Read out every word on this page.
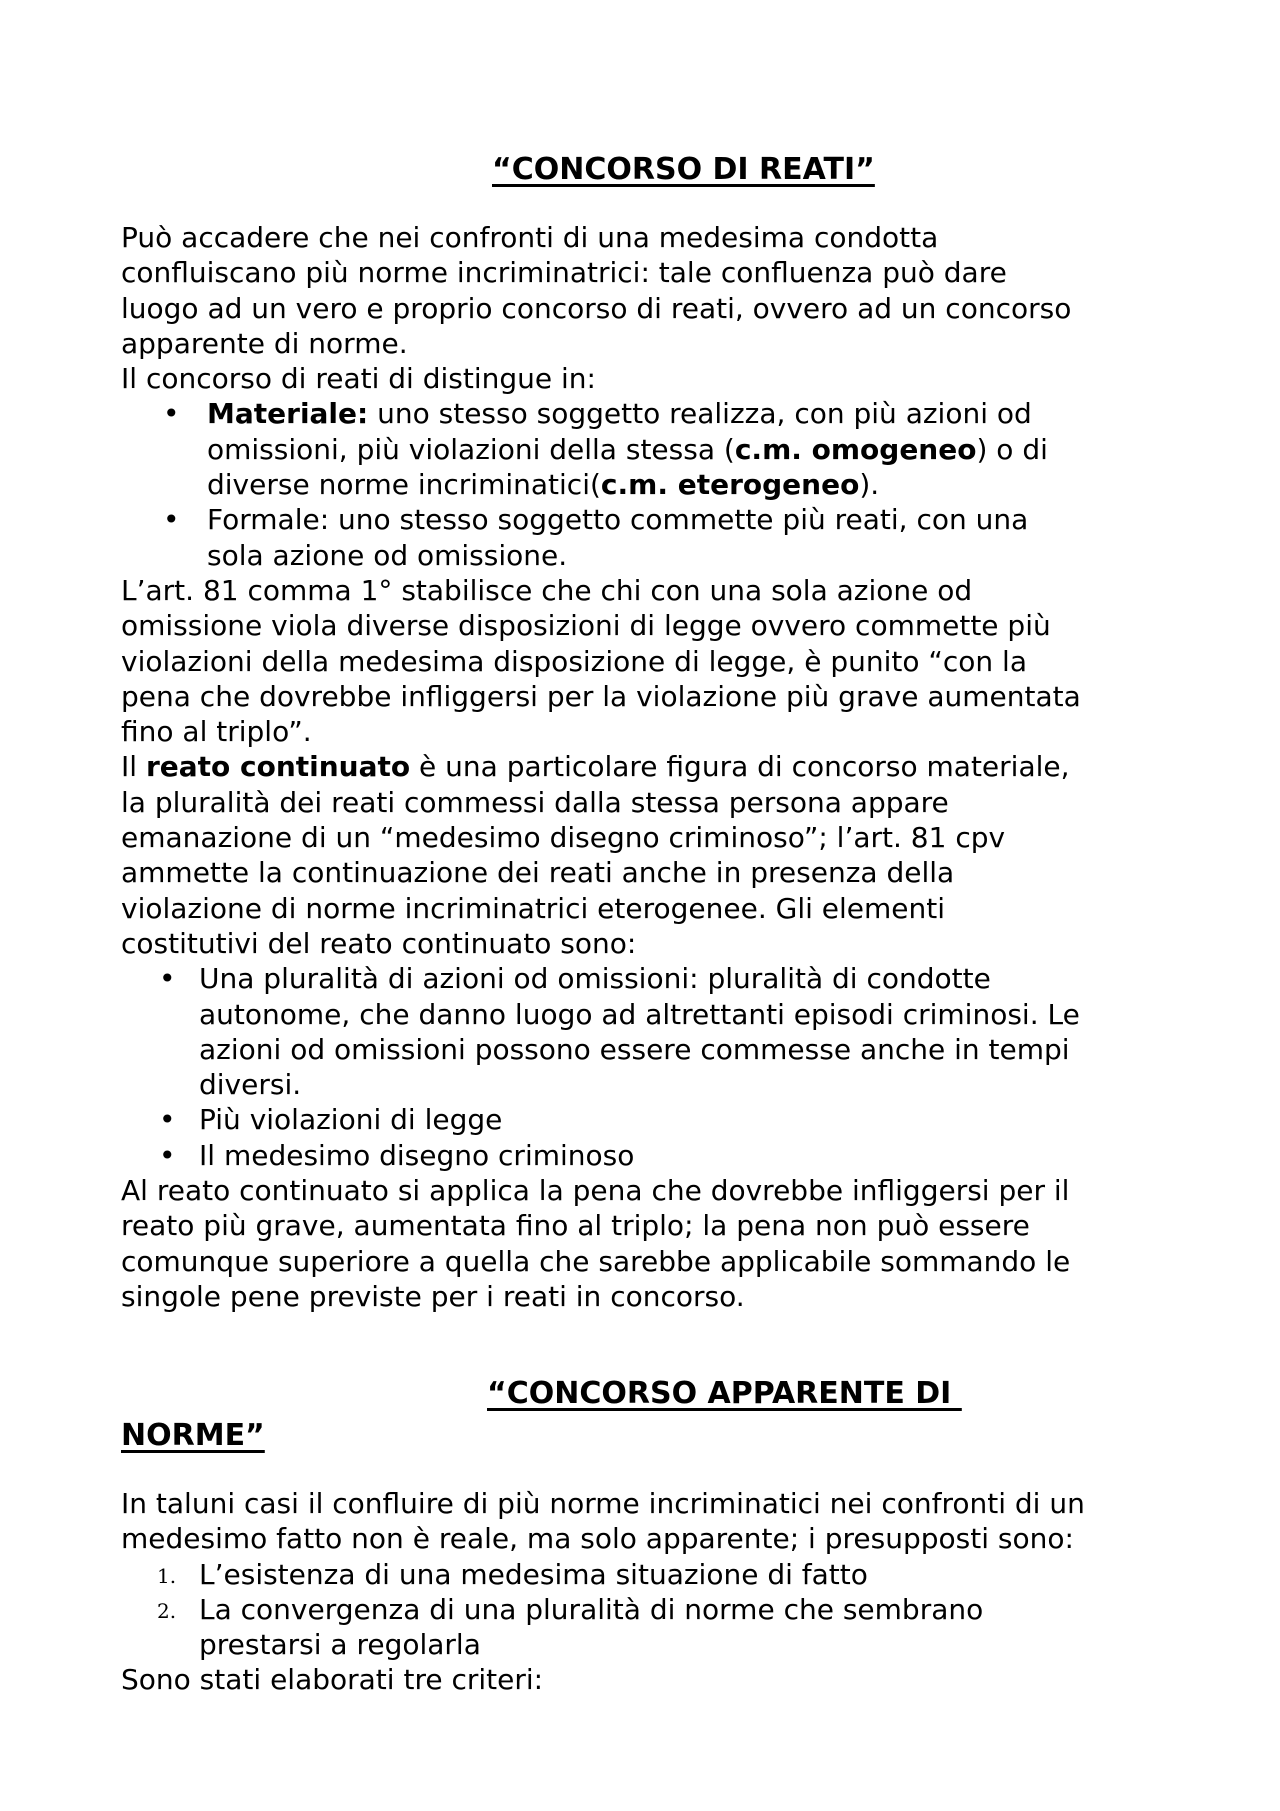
“CONCORSO DI REATI”
Può accadere che nei confronti di una medesima condotta
confluiscano più norme incriminatrici: tale confluenza può dare
luogo ad un vero e proprio concorso di reati, ovvero ad un concorso
apparente di norme.
Il concorso di reati di distingue in:
• Materiale: uno stesso soggetto realizza, con più azioni od
omissioni, più violazioni della stessa (c.m. omogeneo) o di
diverse norme incriminatici(c.m. eterogeneo).
• Formale: uno stesso soggetto commette più reati, con una
sola azione od omissione.
L’art. 81 comma 1° stabilisce che chi con una sola azione od
omissione viola diverse disposizioni di legge ovvero commette più
violazioni della medesima disposizione di legge, è punito “con la
pena che dovrebbe infliggersi per la violazione più grave aumentata
fino al triplo”.
Il reato continuato è una particolare figura di concorso materiale,
la pluralità dei reati commessi dalla stessa persona appare
emanazione di un “medesimo disegno criminoso”; l’art. 81 cpv
ammette la continuazione dei reati anche in presenza della
violazione di norme incriminatrici eterogenee. Gli elementi
costitutivi del reato continuato sono:
• Una pluralità di azioni od omissioni: pluralità di condotte
autonome, che danno luogo ad altrettanti episodi criminosi. Le
azioni od omissioni possono essere commesse anche in tempi
diversi.
• Più violazioni di legge
• Il medesimo disegno criminoso
Al reato continuato si applica la pena che dovrebbe infliggersi per il
reato più grave, aumentata fino al triplo; la pena non può essere
comunque superiore a quella che sarebbe applicabile sommando le
singole pene previste per i reati in concorso.
“CONCORSO APPARENTE DI
NORME”
In taluni casi il confluire di più norme incriminatici nei confronti di un
medesimo fatto non è reale, ma solo apparente; i presupposti sono:
1. L’esistenza di una medesima situazione di fatto
2. La convergenza di una pluralità di norme che sembrano
prestarsi a regolarla
Sono stati elaborati tre criteri:
